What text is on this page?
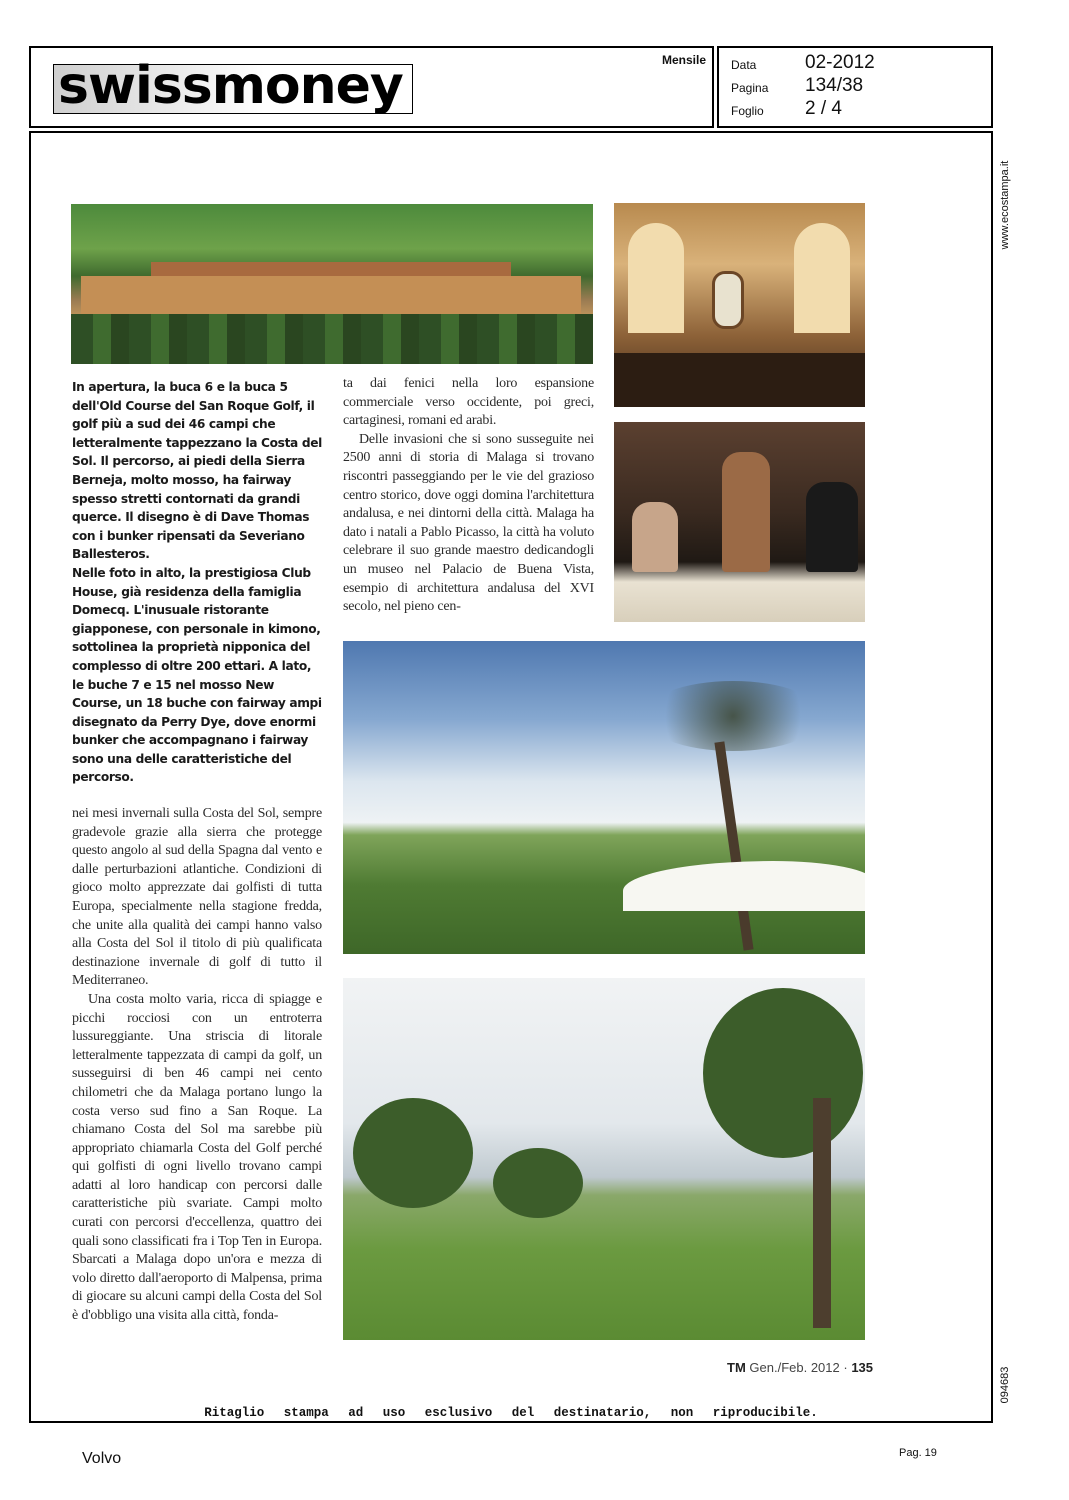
swissmoney	Mensile Data	02-2012
Pagina 134/38
Foglio 2 / 4
www.ecostampa.it
094683

In apertura, la buca 6 e la buca 5 dell'Old Course del San Roque Golf, il golf più a sud dei 46 campi che letteralmente tappezzano la Costa del Sol. Il percorso, ai piedi della Sierra Berneja, molto mosso, ha fairway spesso stretti contornati da grandi querce. Il disegno è di Dave Thomas con i bunker ripensati da Severiano Ballesteros.

Nelle foto in alto, la prestigiosa Club House, già residenza della famiglia Domecq. L'inusuale ristorante giapponese, con personale in kimono, sottolinea la proprietà nipponica del complesso di oltre 200 ettari. A lato, le buche 7 e 15 nel mosso New Course, un 18 buche con fairway ampi disegnato da Perry Dye, dove enormi bunker che accompagnano i fairway sono una delle caratteristiche del percorso.

ta dai fenici nella loro espansione commerciale verso occidente, poi greci, cartaginesi, romani ed arabi.

Delle invasioni che si sono susseguite nei 2500 anni di storia di Malaga si trovano riscontri passeggiando per le vie del grazioso centro storico, dove oggi domina l'architettura andalusa, e nei dintorni della città. Malaga ha dato i natali a Pablo Picasso, la città ha voluto celebrare il suo grande maestro dedicandogli un museo nel Palacio de Buena Vista, esempio di architettura andalusa del XVI secolo, nel pieno cen-

nei mesi invernali sulla Costa del Sol, sempre gradevole grazie alla sierra che protegge questo angolo al sud della Spagna dal vento e dalle perturbazioni atlantiche. Condizioni di gioco molto apprezzate dai golfisti di tutta Europa, specialmente nella stagione fredda, che unite alla qualità dei campi hanno valso alla Costa del Sol il titolo di più qualificata destinazione invernale di golf di tutto il Mediterraneo.

Una costa molto varia, ricca di spiagge e picchi rocciosi con un entroterra lussureggiante. Una striscia di litorale letteralmente tappezzata di campi da golf, un susseguirsi di ben 46 campi nei cento chilometri che da Malaga portano lungo la costa verso sud fino a San Roque. La chiamano Costa del Sol ma sarebbe più appropriato chiamarla Costa del Golf perché qui golfisti di ogni livello trovano campi adatti al loro handicap con percorsi dalle caratteristiche più svariate. Campi molto curati con percorsi d'eccellenza, quattro dei quali sono classificati fra i Top Ten in Europa. Sbarcati a Malaga dopo un'ora e mezza di volo diretto dall'aeroporto di Malpensa, prima di giocare su alcuni campi della Costa del Sol è d'obbligo una visita alla città, fonda-

TM Gen./Feb. 2012 · 135
Ritaglio stampa ad uso esclusivo del destinatario, non riproducibile.
Volvo	Pag. 19
